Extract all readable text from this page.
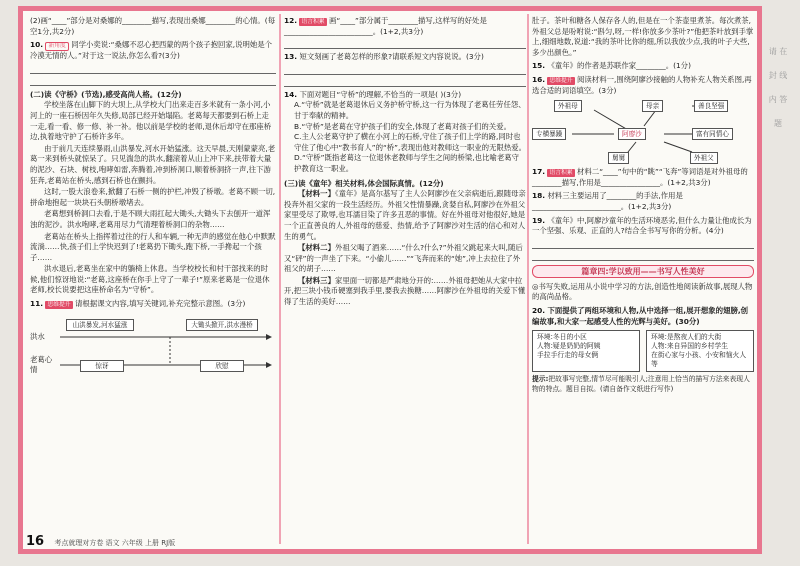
(2)画“____”部分是对桑娜的________描写,表现出桑娜________的心情。(每空1分,共2分)

10. 新角度 同学小奕说:“桑娜不忍心把西蒙的两个孩子抱回家,说明她是个冷漠无情的人。”对于这一说法,你怎么看?(3分)
(二)读《守桥》(节选),感受高尚人格。(12分)

学校坐落在山脚下的大坝上,从学校大门出来走百多米就有一条小河,小河上的一座石桥因年久失修,局部已经开始塌陷。老葛每天都要到石桥上走一走,看一看、修一修、补一补。他以前是学校的老师,退休后却守在那座桥边,执着地守护了石桥许多年。

由于前几天连续暴雨,山洪暴发,河水开始猛涨。这天早晨,天刚蒙蒙亮,老葛一来到桥头就惊呆了。只见湍急的洪水,翻滚着从山上冲下来,扶带着大量的泥沙、石块、树枝,咆哮如雷,奔腾着,冲到桥洞口,顺着桥洞挤一声,往下游狂奔,老葛站在桥头,感到石桥也在颤抖。

这时,一股大浪卷来,掀翻了石桥一侧的护栏,冲毁了桥墩。老葛不顾一切,拼命地抱起一块块石头朝桥墩堵去。

老葛想到桥洞口去看,于是不顾大雨扛起大锄头,大锄头下去刨开一道浑浊的泥沙。洪水咆哮,老葛用尽力气清理着桥洞口的杂物……

老葛站在桥头上指挥着过往的行人和车辆,一种无声的感觉在他心中默默流淌……快,孩子们上学快迟到了!老葛扔下锄头,跑下桥,一手搀起一个孩子……

洪水退后,老葛坐在家中的躺椅上休息。当学校校长和村干部找来的时候,他们惊讶地说:“老葛,这座桥在你手上守了一辈子!”原来老葛是一位退休老师,校长说要把这座桥命名为“守桥”。

11. 思维提升 请根据课文内容,填写关键词,补充完整示意图。(3分)
洪水
山洪暴发,河水猛涨	大锄头掀开,洪水漫桥
老葛心情	惊讶	欣慰
12. 语言积累 画“____”部分属于________描写,这样写的好处是________________________。(1+2,共3分)
13. 短文刻画了老葛怎样的形象?请联系短文内容说说。(3分)
14. 下面对题目“守桥”的理解,不恰当的一项是( )(3分)

A.“守桥”就是老葛退休后义务护桥守桥,这一行为体现了老葛任劳任怨、甘于奉献的精神。

B.“守桥”是老葛在守护孩子们的安全,体现了老葛对孩子们的关爱。

C.主人公老葛守护了横在小河上的石桥,守住了孩子们上学的路,同时也守住了他心中“教书育人”的“桥”,表现出他对教师这一职业的无限热爱。

D.“守桥”既指老葛这一位退休老教师与学生之间的桥梁,也比喻老葛守护教育这一职业。

(三)读《童年》相关材料,体会国际真情。(12分)

【材料一】《童年》是高尔基写了主人公阿廖沙在父亲病逝后,跟随母亲投奔外祖父家的一段生活经历。外祖父性情暴躁,贪婪自私,阿廖沙在外祖父家里受尽了欺辱,也耳濡目染了许多丑恶的事情。好在外祖母对他很好,她是一个正直善良的人,外祖母的慈爱、热情,给予了阿廖沙对生活的信心和对人生的勇气。

【材料二】外祖父喝了酒来……“什么?什么?”外祖父跳起来大叫,随后又“砰”的一声坐了下来。“小偷儿……”“飞奔而来的“她”,冲上去拉住了外祖父的胡子……

【材料三】家里面一切都是严肃地分开的:……外祖母把她从大家中拉开,把三块小钱币硬塞到我手里,要我去换糖……阿廖沙在外祖母的关爱下懂得了生活的美好……

肚子。茶叶和糖各人保存各人的,但是在一个茶壶里煮茶。每次煮茶,外祖父总是吩咐说:“斟匀,呀,一样!你放多少茶叶?”他把茶叶放到手掌上,细细地数,说道:“我的茶叶比你的细,所以我放少点,我的叶子大些,多少出颜色。”

15. 《童年》的作者是苏联作家________。(1分)
16. 思维提升 阅读材料一,围绕阿廖沙接触的人物补充人物关系图,再选合适的词语填空。(3分)
外祖母	母亲	善良坚强
专横暴躁	阿廖沙	富有同情心
舅舅	外祖父
17. 语言积累 材料二“____”句中的“眺”“飞奔”等词语是对外祖母的________描写,作用是________________。(1+2,共3分)
18. 材料三主要运用了________的手法,作用是________________________。(1+2,共3分)
19. 《童年》中,阿廖沙童年的生活环境恶劣,但什么力量让他成长为一个坚强、乐观、正直的人?结合全书写写你的分析。(4分)
篇章四:学以致用——书写人性美好

◎书写失败,运用从小说中学习的方法,创造性地阅读新故事,展现人物的高尚品格。

20. 下面提供了两组环境和人物,从中选择一组,展开想象的翅膀,创编故事,和大家一起感受人性的光辉与美好。(30分)
环境:冬日的小区
人物:疑是奶奶的阿姨
手拉手行走的母女俩
环境:是熬夜人们的大街
人物:来自异国的乡村学生
在街心家与小孩、小安和恼火人等
提示:把故事写完整,情节尽可能吸引人;注意用上恰当的描写方法来表现人物的特点。题目自拟。(请自备作文纸进行写作)
16 考点就理对方卷 语文 六年级 上册 RJ版
请 在 封 线 内 答 题
